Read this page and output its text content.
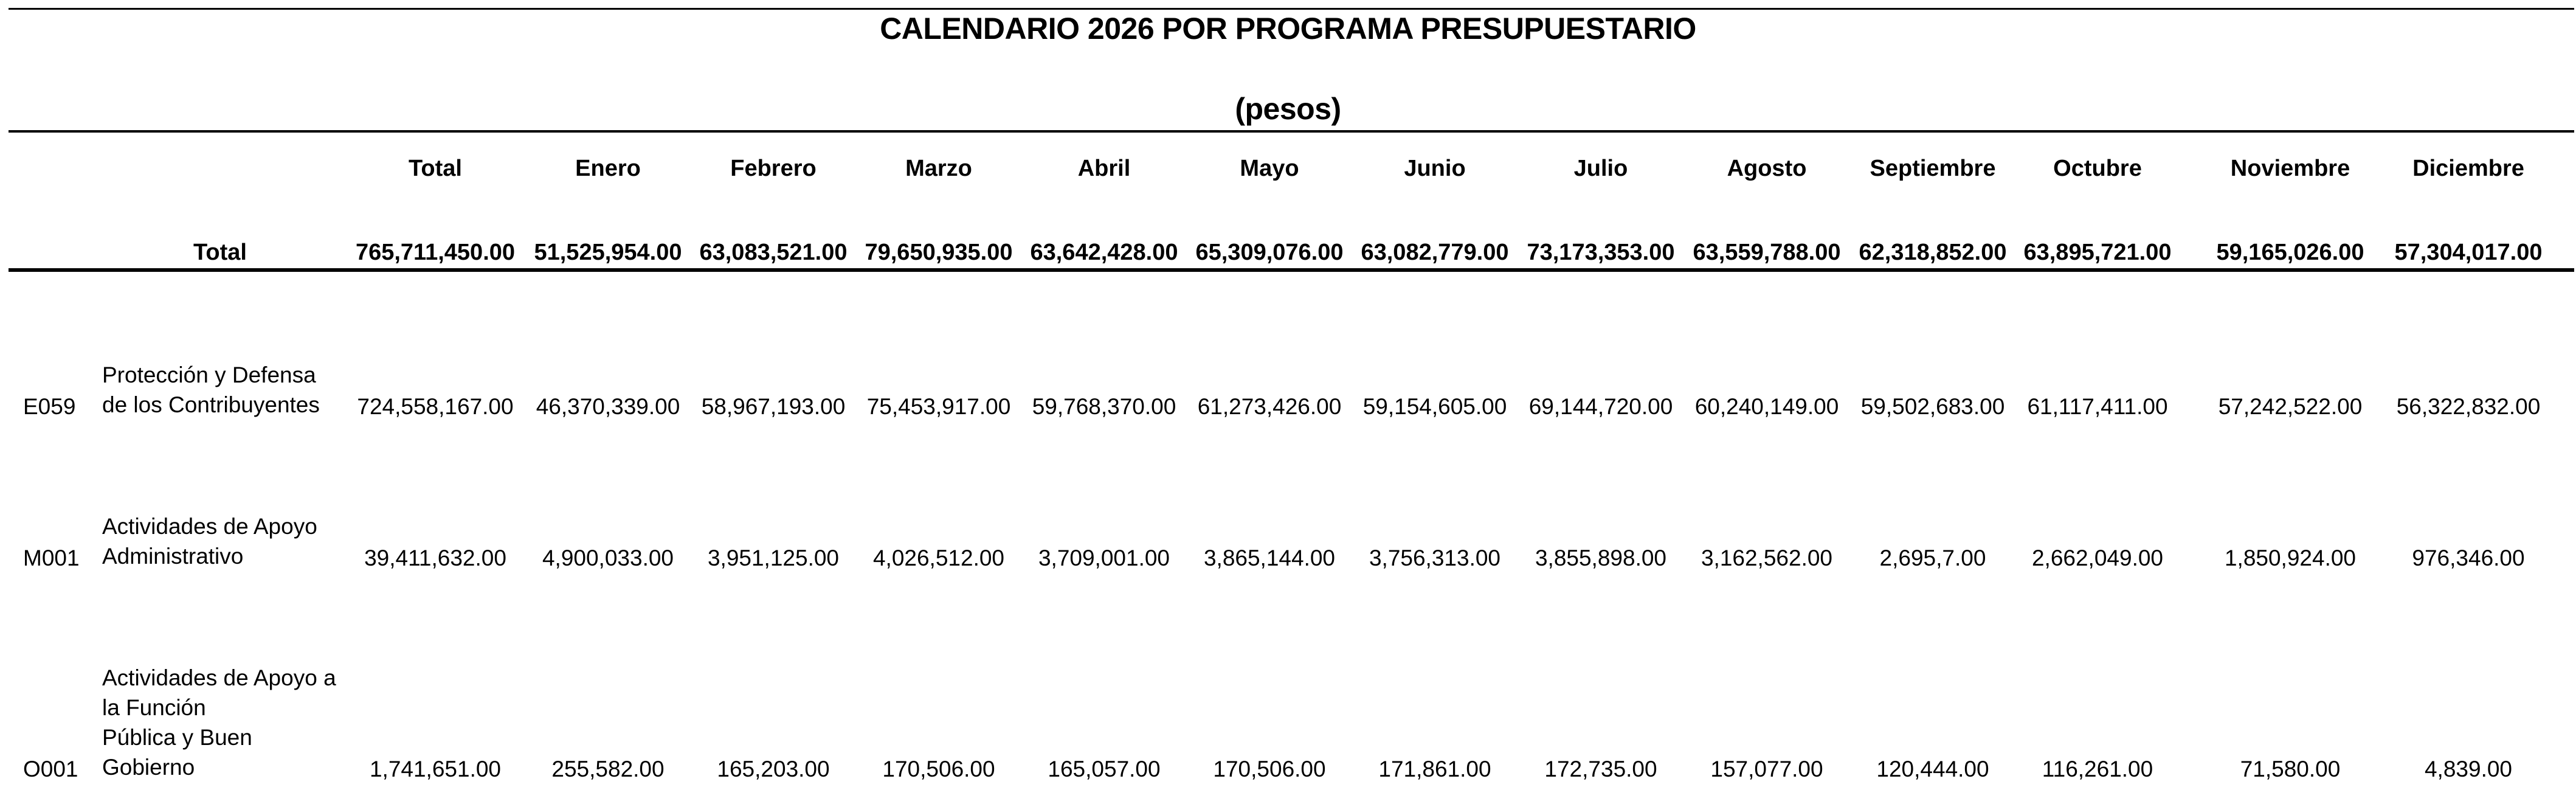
CALENDARIO 2026 POR PROGRAMA PRESUPUESTARIO
(pesos)
Total	Enero	Febrero	Marzo	Abril	Mayo	Junio	Julio	Agosto	Septiembre	Octubre	Noviembre	Diciembre
Total	765,711,450.00 51,525,954.00 63,083,521.00 79,650,935.00 63,642,428.00 65,309,076.00 63,082,779.00 73,173,353.00 63,559,788.00 62,318,852.00 63,895,721.00	59,165,026.00	57,304,017.00
E059
Protección y Defensa
de los Contribuyentes	724,558,167.00	46,370,339.00 58,967,193.00 75,453,917.00 59,768,370.00 61,273,426.00 59,154,605.00 69,144,720.00 60,240,149.00 59,502,683.00	61,117,411.00	57,242,522.00	56,322,832.00
M001
Actividades de Apoyo
Administrativo	39,411,632.00	4,900,033.00	3,951,125.00	4,026,512.00	3,709,001.00	3,865,144.00	3,756,313.00	3,855,898.00	3,162,562.00	2,695,7.00	2,662,049.00	1,850,924.00	976,346.00
O001
Actividades de Apoyo a
la Función
Pública y Buen
Gobierno	1,741,651.00	255,582.00	165,203.00	170,506.00	165,057.00	170,506.00	171,861.00	172,735.00	157,077.00	120,444.00	116,261.00	71,580.00	4,839.00
